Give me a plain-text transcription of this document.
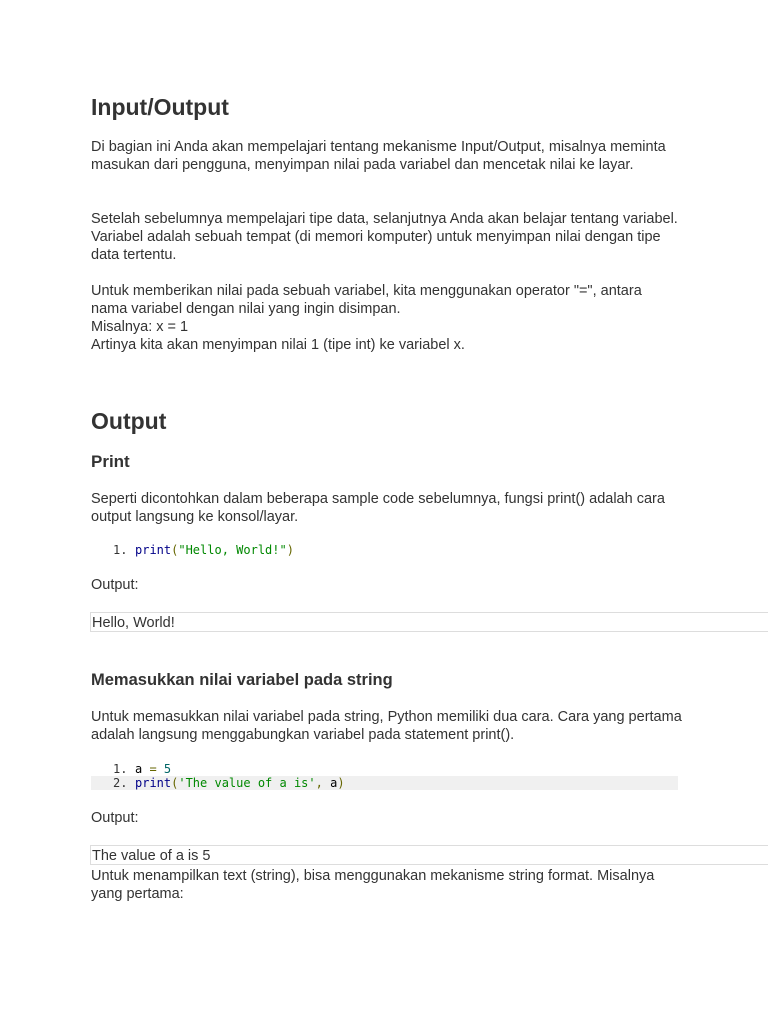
Input/Output

Di bagian ini Anda akan mempelajari tentang mekanisme Input/Output, misalnya meminta masukan dari pengguna, menyimpan nilai pada variabel dan mencetak nilai ke layar.

Setelah sebelumnya mempelajari tipe data, selanjutnya Anda akan belajar tentang variabel. Variabel adalah sebuah tempat (di memori komputer) untuk menyimpan nilai dengan tipe data tertentu.

Untuk memberikan nilai pada sebuah variabel, kita menggunakan operator "=", antara nama variabel dengan nilai yang ingin disimpan.

Misalnya: x = 1

Artinya kita akan menyimpan nilai 1 (tipe int) ke variabel x.

Output
Print

Seperti dicontohkan dalam beberapa sample code sebelumnya, fungsi print() adalah cara output langsung ke konsol/layar.

1. print ( "Hello, World!" )

Output:

Hello, World!
Memasukkan nilai variabel pada string

Untuk memasukkan nilai variabel pada string, Python memiliki dua cara. Cara yang pertama adalah langsung menggabungkan variabel pada statement print().

1. a = 5
2. print ( 'The value of a is' , a )

Output:

The value of a is 5

Untuk menampilkan text (string), bisa menggunakan mekanisme string format. Misalnya yang pertama:
